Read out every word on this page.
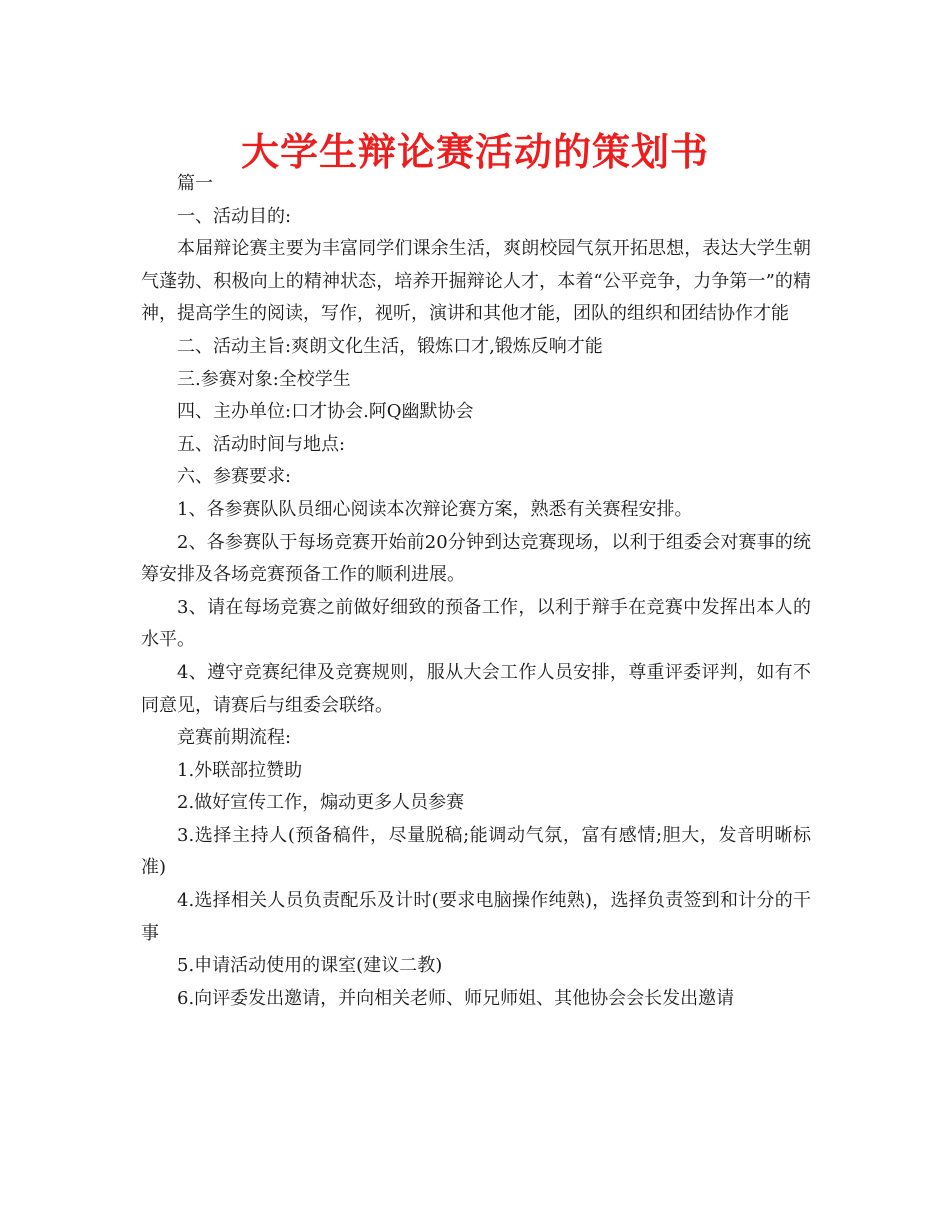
大学生辩论赛活动的策划书

篇一

一、活动目的:

本届辩论赛主要为丰富同学们课余生活，爽朗校园气氛开拓思想，表达大学生朝气蓬勃、积极向上的精神状态，培养开掘辩论人才，本着“公平竞争，力争第一”的精神，提高学生的阅读，写作，视听，演讲和其他才能，团队的组织和团结协作才能

二、活动主旨:爽朗文化生活，锻炼口才,锻炼反响才能

三.参赛对象:全校学生

四、主办单位:口才协会.阿Q幽默协会

五、活动时间与地点:

六、参赛要求:

1、各参赛队队员细心阅读本次辩论赛方案，熟悉有关赛程安排。

2、各参赛队于每场竞赛开始前20分钟到达竞赛现场，以利于组委会对赛事的统筹安排及各场竞赛预备工作的顺利进展。

3、请在每场竞赛之前做好细致的预备工作，以利于辩手在竞赛中发挥出本人的水平。

4、遵守竞赛纪律及竞赛规则，服从大会工作人员安排，尊重评委评判，如有不同意见，请赛后与组委会联络。

竞赛前期流程:

1.外联部拉赞助

2.做好宣传工作，煽动更多人员参赛

3.选择主持人(预备稿件，尽量脱稿;能调动气氛，富有感情;胆大，发音明晰标准)

4.选择相关人员负责配乐及计时(要求电脑操作纯熟)，选择负责签到和计分的干事

5.申请活动使用的课室(建议二教)

6.向评委发出邀请，并向相关老师、师兄师姐、其他协会会长发出邀请
